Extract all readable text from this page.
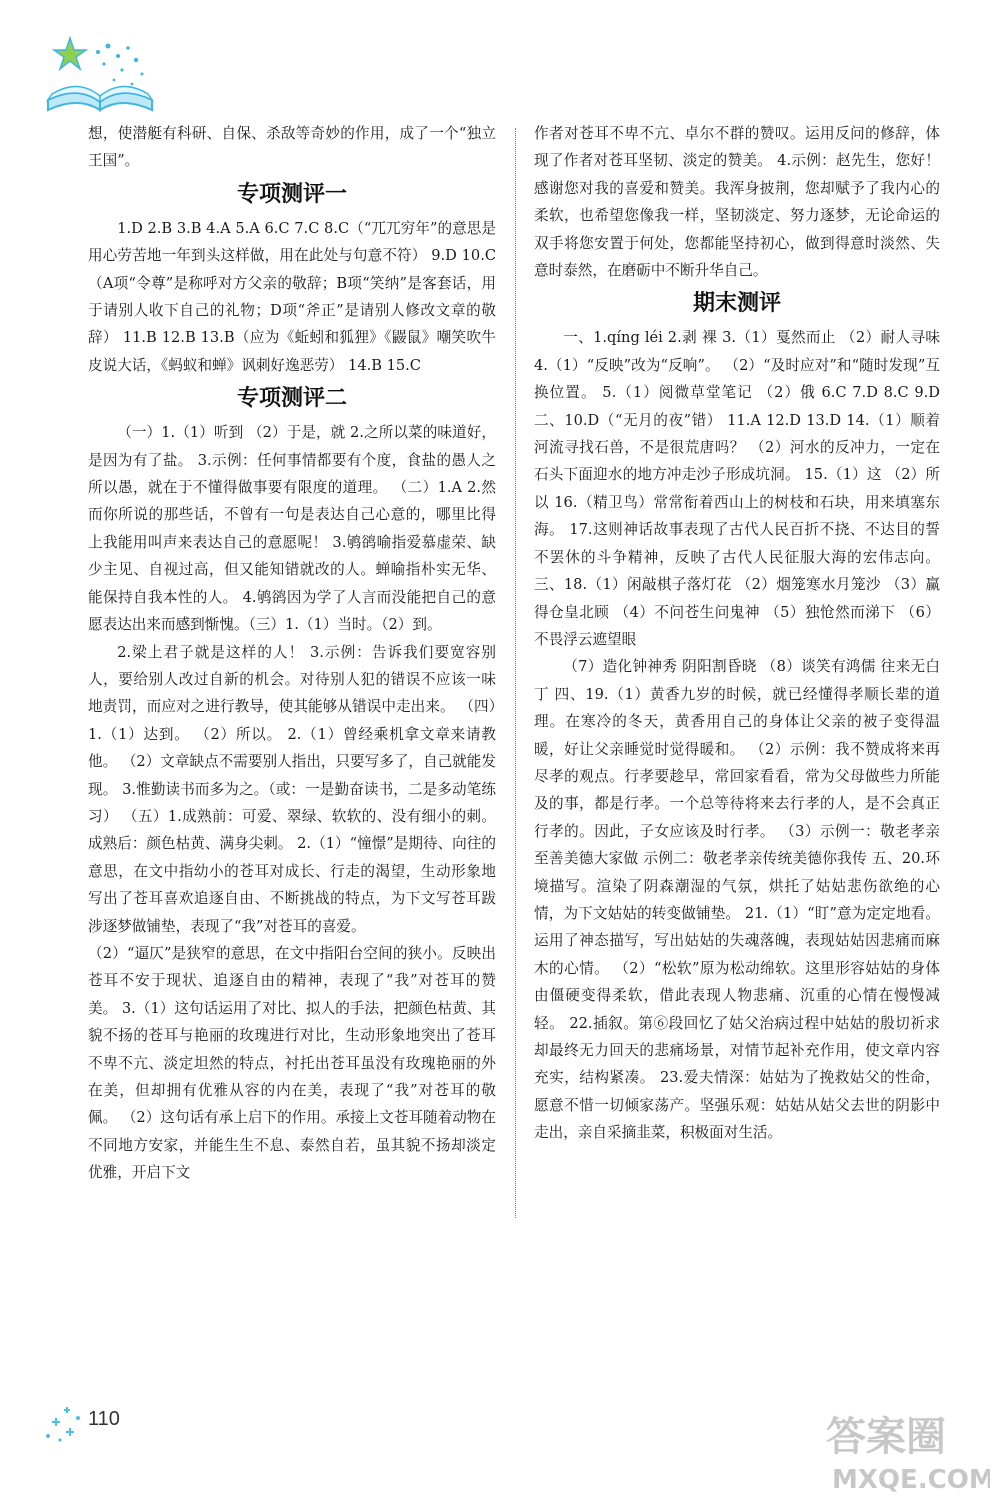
想，使潜艇有科研、自保、杀敌等奇妙的作用，成了一个“独立王国”。

专项测评一

1.D 2.B 3.B 4.A 5.A 6.C 7.C 8.C（“兀兀穷年”的意思是用心劳苦地一年到头这样做，用在此处与句意不符） 9.D 10.C（A项“令尊”是称呼对方父亲的敬辞；B项“笑纳”是客套话，用于请别人收下自己的礼物；D项“斧正”是请别人修改文章的敬辞） 11.B 12.B 13.B（应为《蚯蚓和狐狸》《鼹鼠》嘲笑吹牛皮说大话，《蚂蚁和蝉》讽刺好逸恶劳） 14.B 15.C

专项测评二

（一）1.（1）听到 （2）于是，就 2.之所以菜的味道好，是因为有了盐。 3.示例：任何事情都要有个度，食盐的愚人之所以愚，就在于不懂得做事要有限度的道理。 （二）1.A 2.然而你所说的那些话，不曾有一句是表达自己心意的，哪里比得上我能用叫声来表达自己的意愿呢！ 3.鸲鹆喻指爱慕虚荣、缺少主见、自视过高，但又能知错就改的人。蝉喻指朴实无华、能保持自我本性的人。 4.鸲鹆因为学了人言而没能把自己的意愿表达出来而感到惭愧。（三）1.（1）当时。（2）到。

2.梁上君子就是这样的人！ 3.示例：告诉我们要宽容别人，要给别人改过自新的机会。对待别人犯的错误不应该一味地责罚，而应对之进行教导，使其能够从错误中走出来。 （四）1.（1）达到。 （2）所以。 2.（1）曾经乘机拿文章来请教他。 （2）文章缺点不需要别人指出，只要写多了，自己就能发现。 3.惟勤读书而多为之。（或：一是勤奋读书，二是多动笔练习） （五）1.成熟前：可爱、翠绿、软软的、没有细小的刺。 成熟后：颜色枯黄、满身尖刺。 2.（1）“憧憬”是期待、向往的意思，在文中指幼小的苍耳对成长、行走的渴望，生动形象地写出了苍耳喜欢追逐自由、不断挑战的特点，为下文写苍耳跋涉逐梦做铺垫，表现了“我”对苍耳的喜爱。

（2）“逼仄”是狭窄的意思，在文中指阳台空间的狭小。反映出苍耳不安于现状、追逐自由的精神，表现了“我”对苍耳的赞美。 3.（1）这句话运用了对比、拟人的手法，把颜色枯黄、其貌不扬的苍耳与艳丽的玫瑰进行对比，生动形象地突出了苍耳不卑不亢、淡定坦然的特点，衬托出苍耳虽没有玫瑰艳丽的外在美，但却拥有优雅从容的内在美，表现了“我”对苍耳的敬佩。 （2）这句话有承上启下的作用。承接上文苍耳随着动物在不同地方安家，并能生生不息、泰然自若，虽其貌不扬却淡定优雅，开启下文

作者对苍耳不卑不亢、卓尔不群的赞叹。运用反问的修辞，体现了作者对苍耳坚韧、淡定的赞美。 4.示例：赵先生，您好！感谢您对我的喜爱和赞美。我浑身披荆，您却赋予了我内心的柔软，也希望您像我一样，坚韧淡定、努力逐梦，无论命运的双手将您安置于何处，您都能坚持初心，做到得意时淡然、失意时泰然，在磨砺中不断升华自己。

期末测评

一、1.qíng léi 2.剥 裸 3.（1）戛然而止 （2）耐人寻味 4.（1）“反映”改为“反响”。 （2）“及时应对”和“随时发现”互换位置。 5.（1）阅微草堂笔记 （2）俄 6.C 7.D 8.C 9.D 二、10.D（“无月的夜”错） 11.A 12.D 13.D 14.（1）顺着河流寻找石兽，不是很荒唐吗？ （2）河水的反冲力，一定在石头下面迎水的地方冲走沙子形成坑洞。 15.（1）这 （2）所以 16.（精卫鸟）常常衔着西山上的树枝和石块，用来填塞东海。 17.这则神话故事表现了古代人民百折不挠、不达目的誓不罢休的斗争精神，反映了古代人民征服大海的宏伟志向。 三、18.（1）闲敲棋子落灯花 （2）烟笼寒水月笼沙 （3）赢得仓皇北顾 （4）不问苍生问鬼神 （5）独怆然而涕下 （6）不畏浮云遮望眼

（7）造化钟神秀 阴阳割昏晓 （8）谈笑有鸿儒 往来无白丁 四、19.（1）黄香九岁的时候，就已经懂得孝顺长辈的道理。在寒冷的冬天，黄香用自己的身体让父亲的被子变得温暖，好让父亲睡觉时觉得暖和。 （2）示例：我不赞成将来再尽孝的观点。行孝要趁早，常回家看看，常为父母做些力所能及的事，都是行孝。一个总等待将来去行孝的人，是不会真正行孝的。因此，子女应该及时行孝。 （3）示例一：敬老孝亲至善美德大家做 示例二：敬老孝亲传统美德你我传 五、20.环境描写。渲染了阴森潮湿的气氛，烘托了姑姑悲伤欲绝的心情，为下文姑姑的转变做铺垫。 21.（1）“盯”意为定定地看。运用了神态描写，写出姑姑的失魂落魄，表现姑姑因悲痛而麻木的心情。 （2）“松软”原为松动绵软。这里形容姑姑的身体由僵硬变得柔软，借此表现人物悲痛、沉重的心情在慢慢减轻。 22.插叙。第⑥段回忆了姑父治病过程中姑姑的殷切祈求却最终无力回天的悲痛场景，对情节起补充作用，使文章内容充实，结构紧凑。 23.爱夫情深：姑姑为了挽救姑父的性命，愿意不惜一切倾家荡产。坚强乐观：姑姑从姑父去世的阴影中走出，亲自采摘韭菜，积极面对生活。

110	答案圈
MXQE.COM
